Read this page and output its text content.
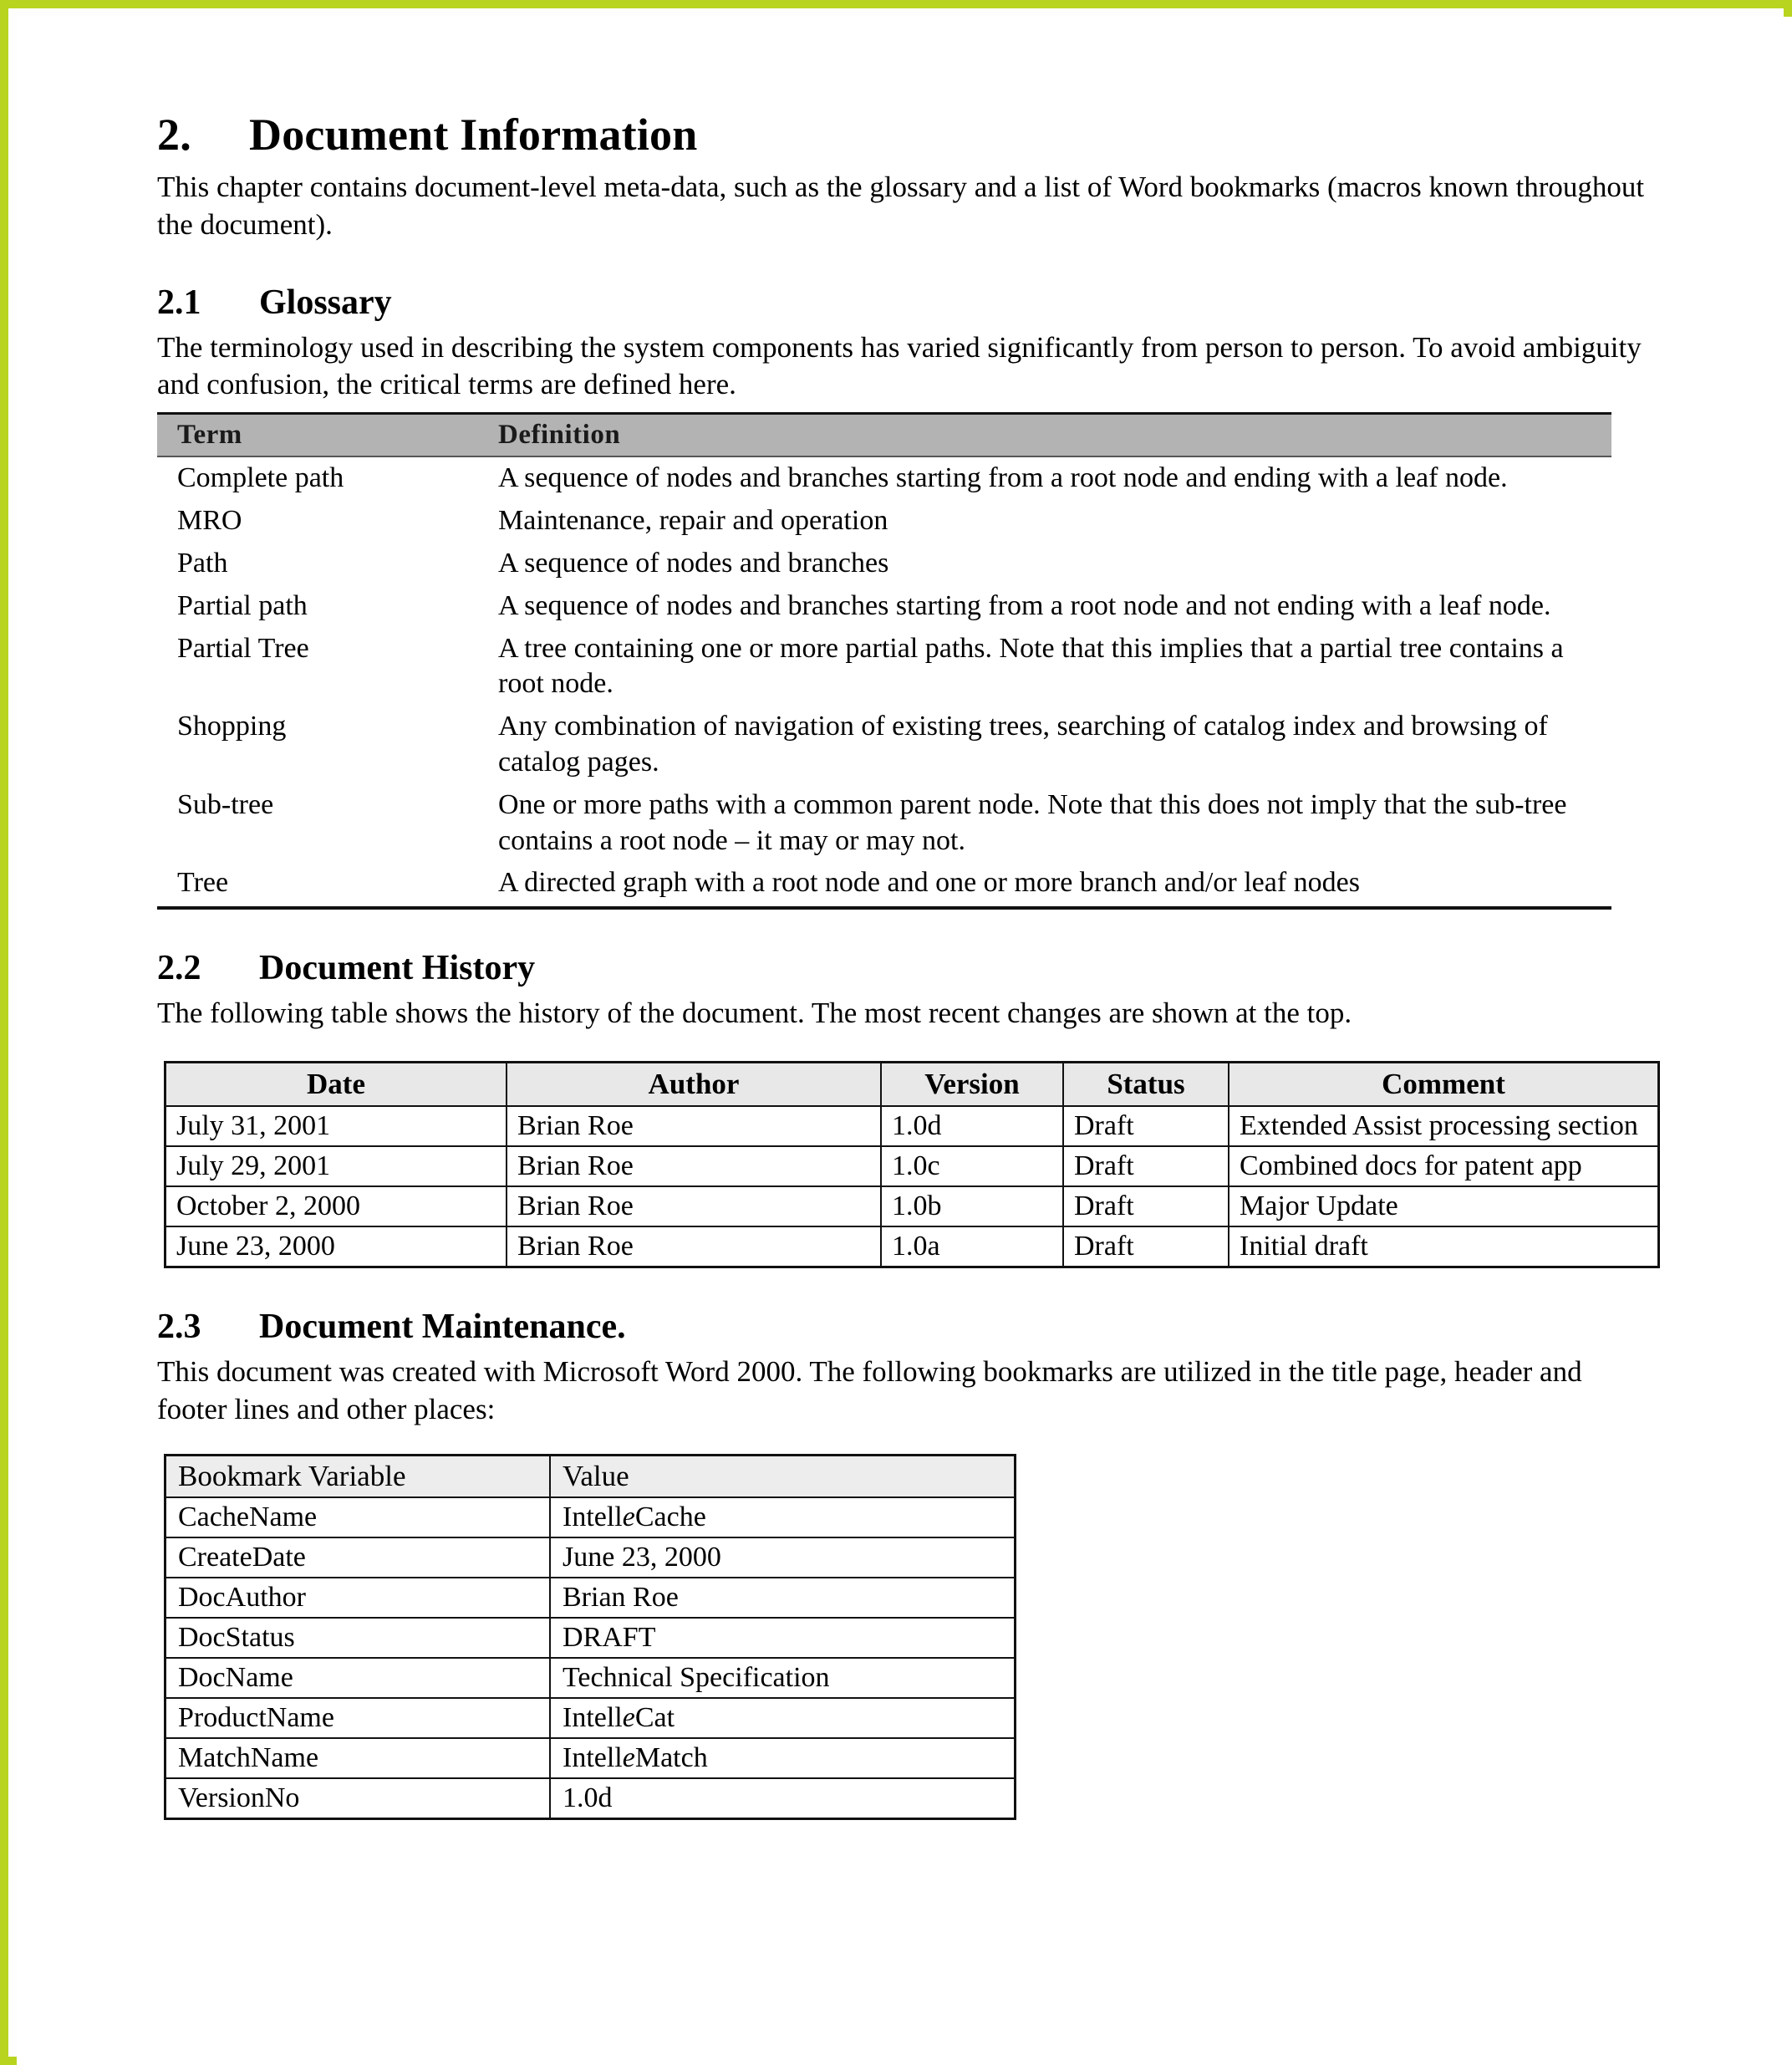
2. Document Information

This chapter contains document-level meta-data, such as the glossary and a list of Word bookmarks (macros known throughout the document).

2.1 Glossary

The terminology used in describing the system components has varied significantly from person to person. To avoid ambiguity and confusion, the critical terms are defined here.

Term	Definition
Complete path	A sequence of nodes and branches starting from a root node and ending with a leaf node.
MRO	Maintenance, repair and operation
Path	A sequence of nodes and branches
Partial path	A sequence of nodes and branches starting from a root node and not ending with a leaf node.
Partial Tree	A tree containing one or more partial paths. Note that this implies that a partial tree contains a root node.
Shopping	Any combination of navigation of existing trees, searching of catalog index and browsing of catalog pages.
Sub-tree	One or more paths with a common parent node. Note that this does not imply that the sub-tree contains a root node – it may or may not.
Tree	A directed graph with a root node and one or more branch and/or leaf nodes
2.2 Document History

The following table shows the history of the document. The most recent changes are shown at the top.

Date	Author	Version	Status	Comment
July 31, 2001	Brian Roe	1.0d	Draft	Extended Assist processing section
July 29, 2001	Brian Roe	1.0c	Draft	Combined docs for patent app
October 2, 2000	Brian Roe	1.0b	Draft	Major Update
June 23, 2000	Brian Roe	1.0a	Draft	Initial draft
2.3 Document Maintenance.

This document was created with Microsoft Word 2000. The following bookmarks are utilized in the title page, header and footer lines and other places:

Bookmark Variable	Value
CacheName	IntelleCache
CreateDate	June 23, 2000
DocAuthor	Brian Roe
DocStatus	DRAFT
DocName	Technical Specification
ProductName	IntelleCat
MatchName	IntelleMatch
VersionNo	1.0d
